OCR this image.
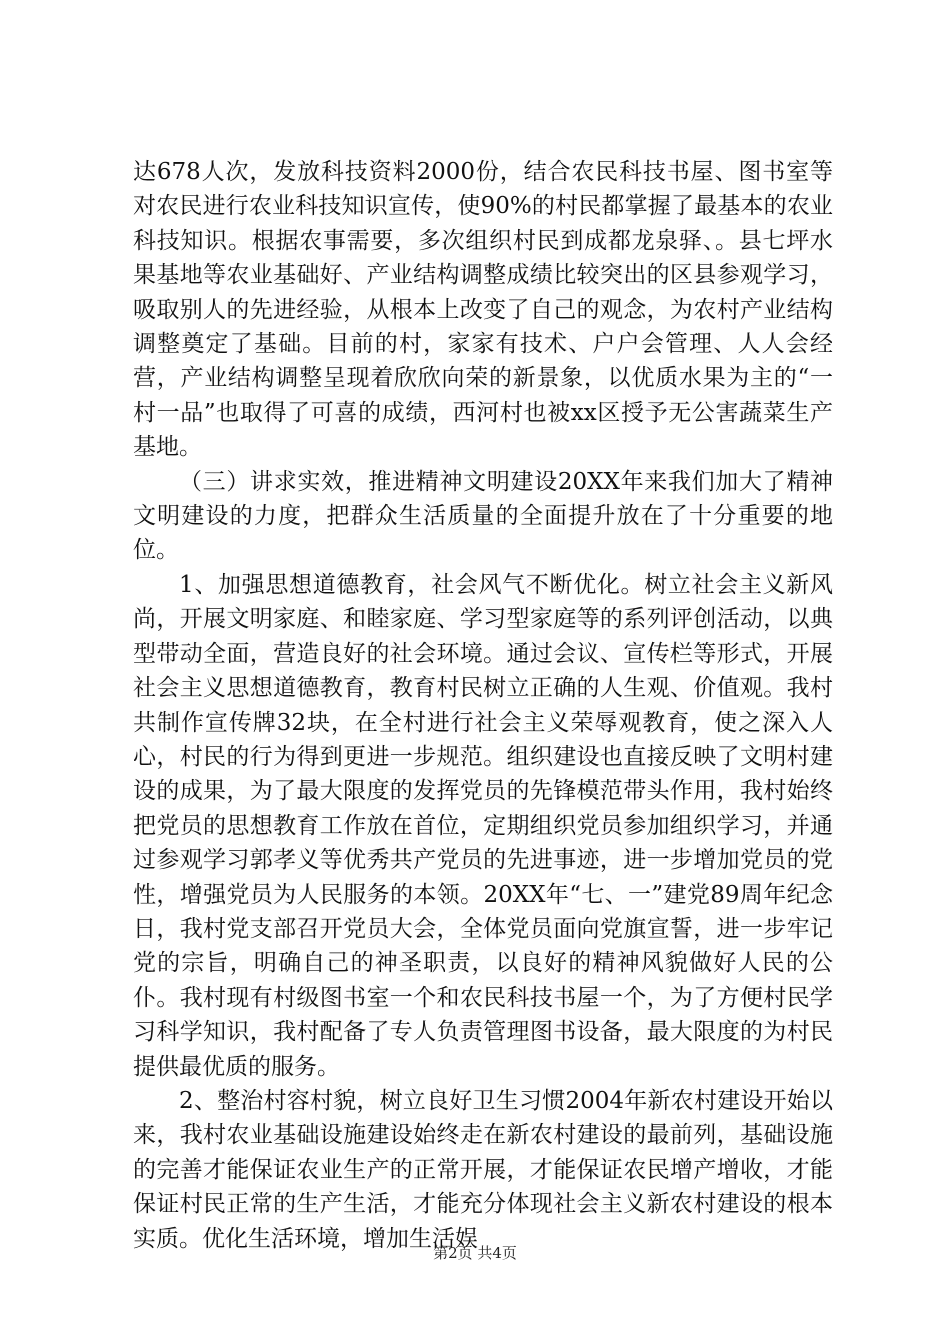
达678人次，发放科技资料2000份，结合农民科技书屋、图书室等对农民进行农业科技知识宣传，使90%的村民都掌握了最基本的农业科技知识。根据农事需要，多次组织村民到成都龙泉驿、。县七坪水果基地等农业基础好、产业结构调整成绩比较突出的区县参观学习，吸取别人的先进经验，从根本上改变了自己的观念，为农村产业结构调整奠定了基础。目前的村，家家有技术、户户会管理、人人会经营，产业结构调整呈现着欣欣向荣的新景象，以优质水果为主的“一村一品”也取得了可喜的成绩，西河村也被xx区授予无公害蔬菜生产基地。

（三）讲求实效，推进精神文明建设20XX年来我们加大了精神文明建设的力度，把群众生活质量的全面提升放在了十分重要的地位。

1、加强思想道德教育，社会风气不断优化。树立社会主义新风尚，开展文明家庭、和睦家庭、学习型家庭等的系列评创活动，以典型带动全面，营造良好的社会环境。通过会议、宣传栏等形式，开展社会主义思想道德教育，教育村民树立正确的人生观、价值观。我村共制作宣传牌32块，在全村进行社会主义荣辱观教育，使之深入人心，村民的行为得到更进一步规范。组织建设也直接反映了文明村建设的成果，为了最大限度的发挥党员的先锋模范带头作用，我村始终把党员的思想教育工作放在首位，定期组织党员参加组织学习，并通过参观学习郭孝义等优秀共产党员的先进事迹，进一步增加党员的党性，增强党员为人民服务的本领。20XX年“七、一”建党89周年纪念日，我村党支部召开党员大会，全体党员面向党旗宣誓，进一步牢记党的宗旨，明确自己的神圣职责，以良好的精神风貌做好人民的公仆。我村现有村级图书室一个和农民科技书屋一个，为了方便村民学习科学知识，我村配备了专人负责管理图书设备，最大限度的为村民提供最优质的服务。

2、整治村容村貌，树立良好卫生习惯2004年新农村建设开始以来，我村农业基础设施建设始终走在新农村建设的最前列，基础设施的完善才能保证农业生产的正常开展，才能保证农民增产增收，才能保证村民正常的生产生活，才能充分体现社会主义新农村建设的根本实质。优化生活环境，增加生活娱

第2页 共4页
